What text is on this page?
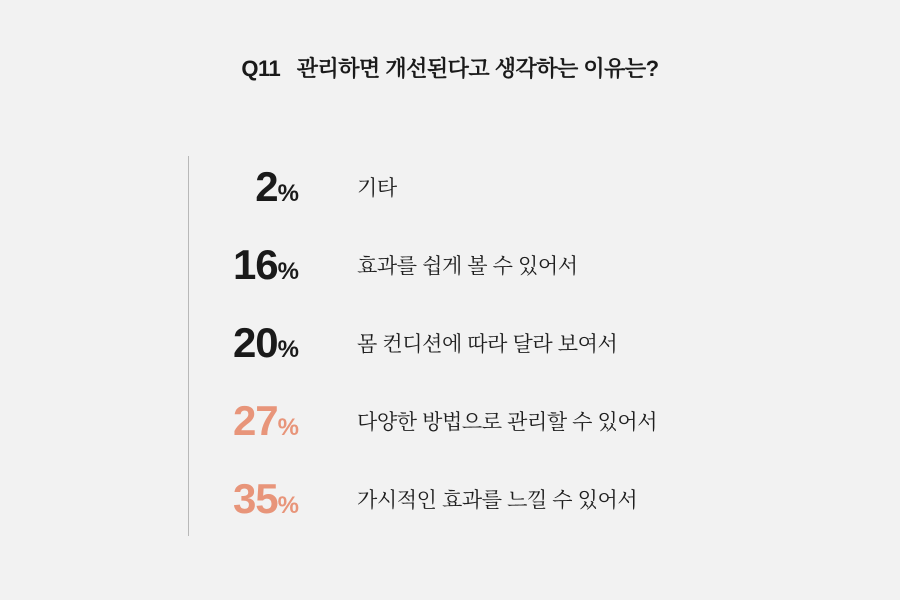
Q11 관리하면 개선된다고 생각하는 이유는?
2%	기타
16%	효과를 쉽게 볼 수 있어서
20%	몸 컨디션에 따라 달라 보여서
27%	다양한 방법으로 관리할 수 있어서
35%	가시적인 효과를 느낄 수 있어서
